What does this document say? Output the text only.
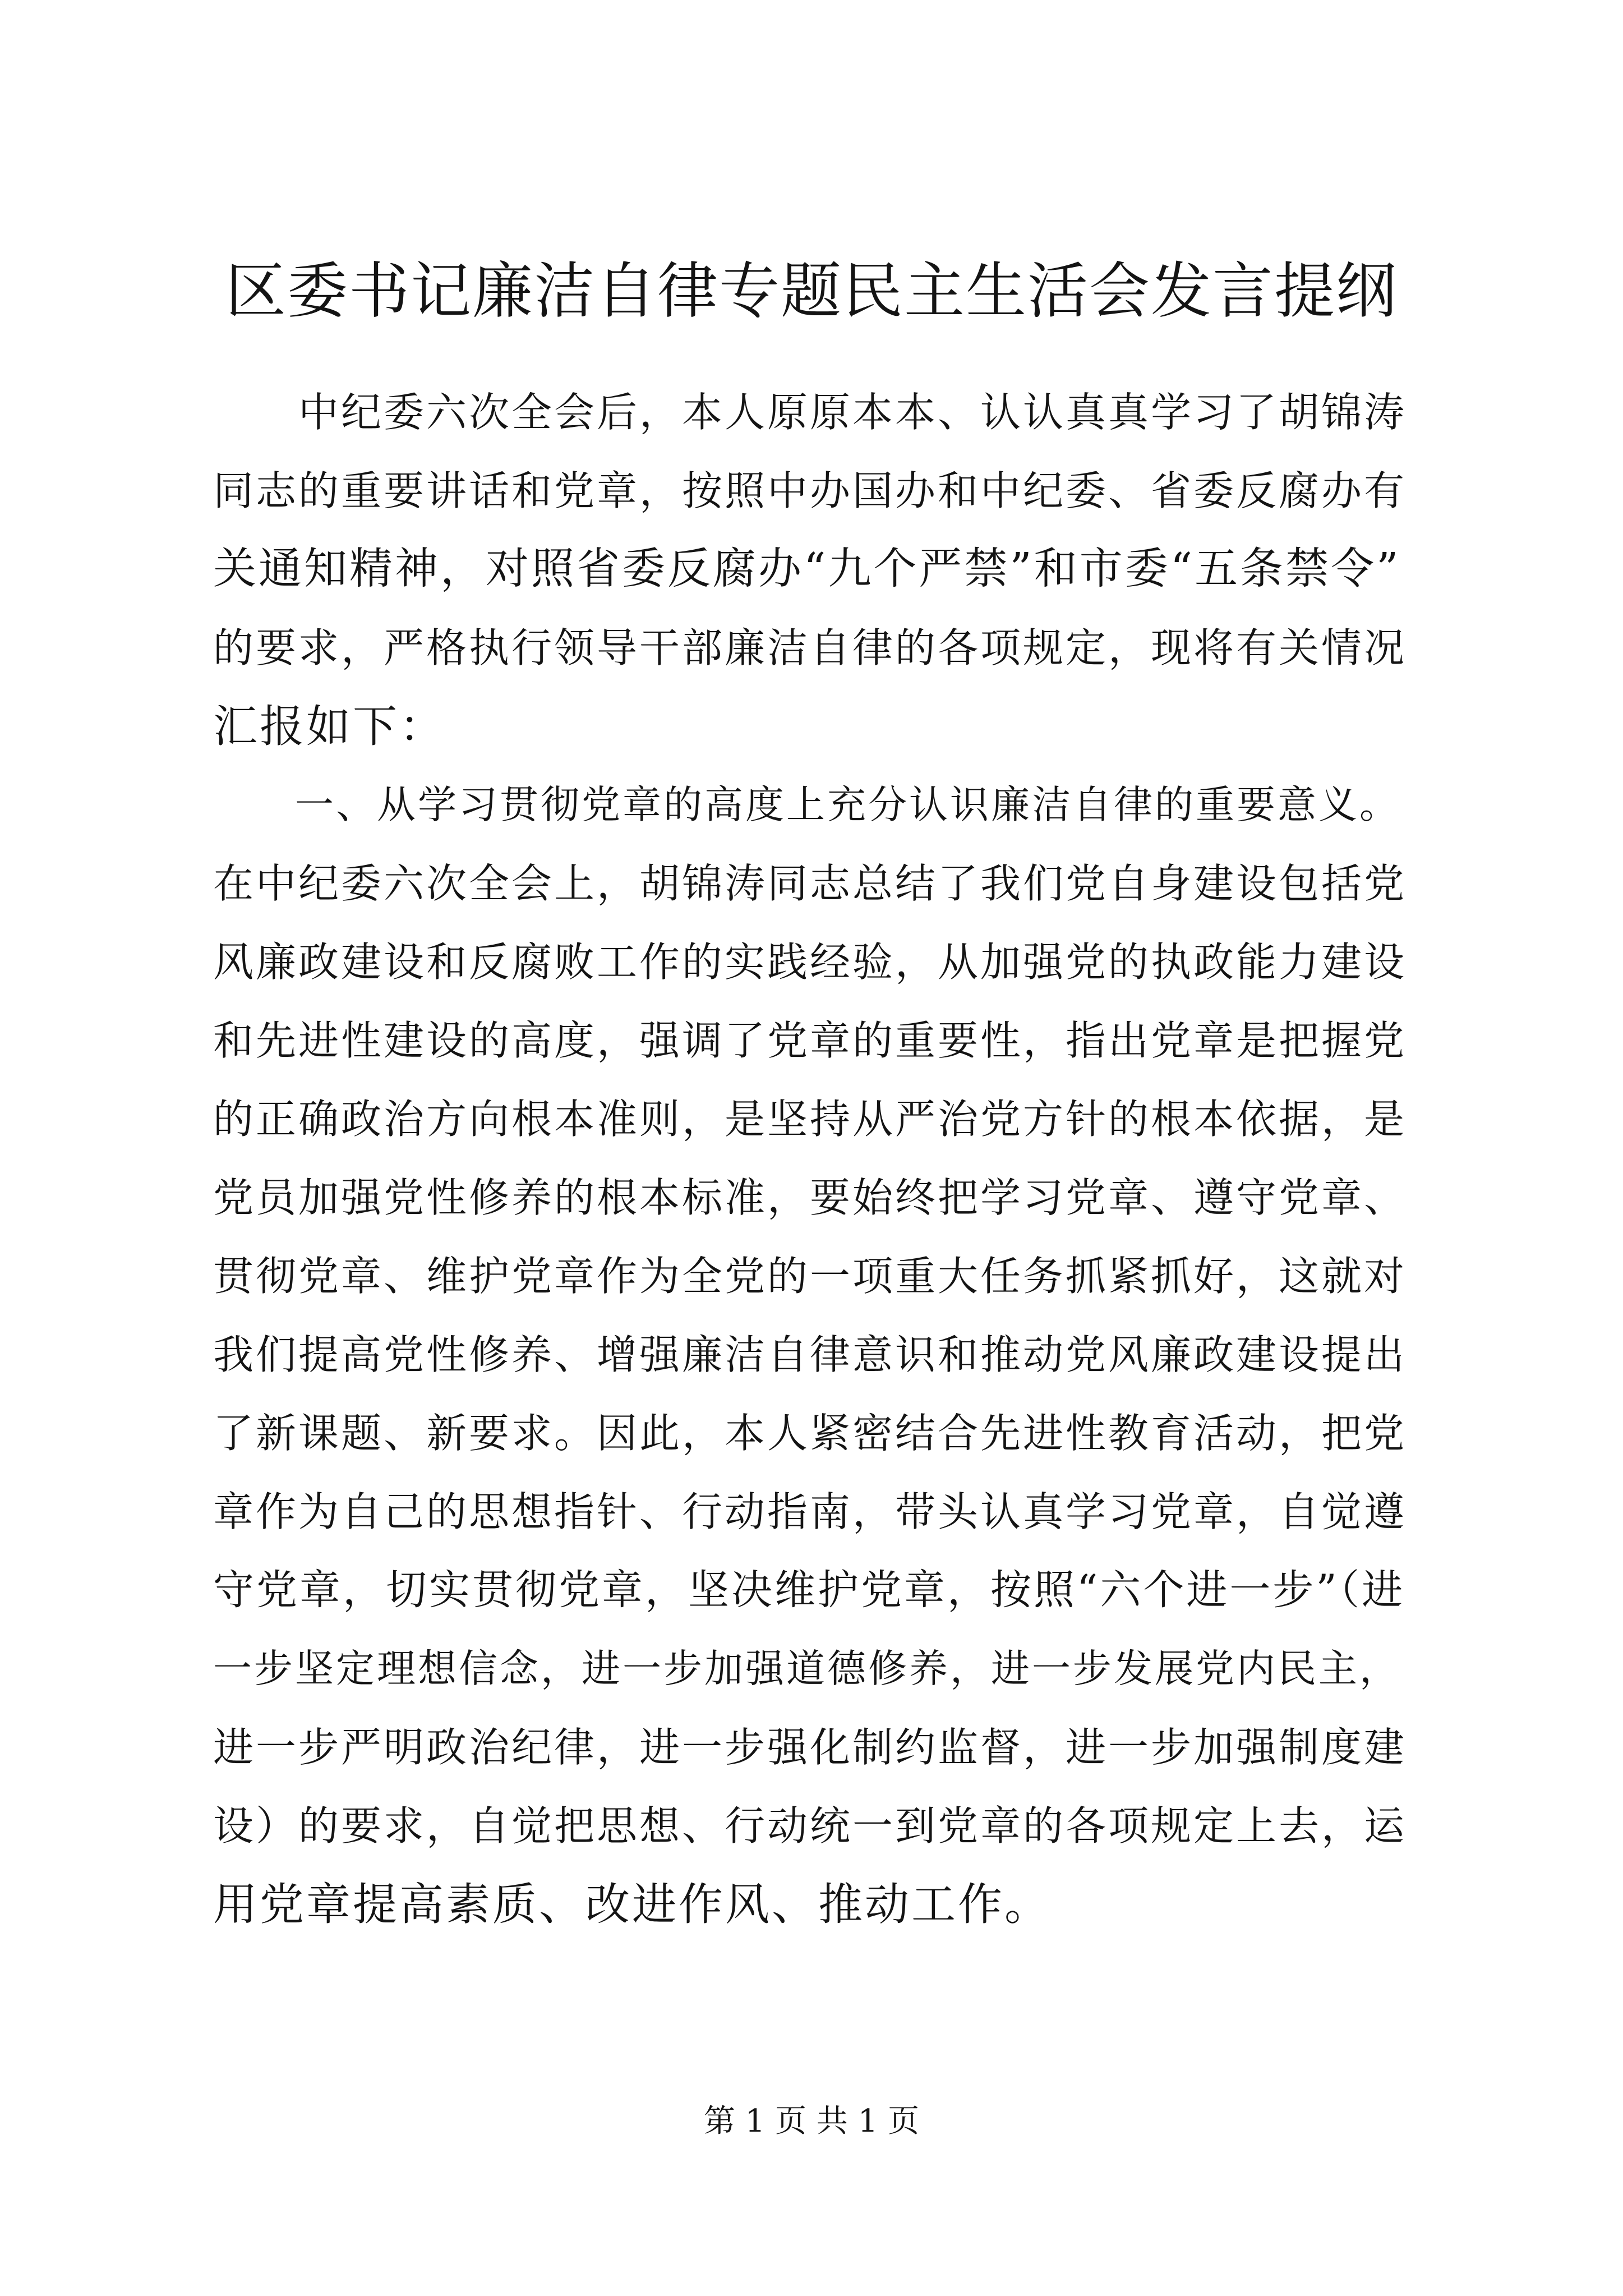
区委书记廉洁自律专题民主生活会发言提纲
　　中纪委六次全会后，本人原原本本、认认真真学习了胡锦涛
同志的重要讲话和党章，按照中办国办和中纪委、省委反腐办有
关通知精神，对照省委反腐办“九个严禁”和市委“五条禁令”
的要求，严格执行领导干部廉洁自律的各项规定，现将有关情况
汇报如下：
　　一、从学习贯彻党章的高度上充分认识廉洁自律的重要意义。
在中纪委六次全会上，胡锦涛同志总结了我们党自身建设包括党
风廉政建设和反腐败工作的实践经验，从加强党的执政能力建设
和先进性建设的高度，强调了党章的重要性，指出党章是把握党
的正确政治方向根本准则，是坚持从严治党方针的根本依据，是
党员加强党性修养的根本标准，要始终把学习党章、遵守党章、
贯彻党章、维护党章作为全党的一项重大任务抓紧抓好，这就对
我们提高党性修养、增强廉洁自律意识和推动党风廉政建设提出
了新课题、新要求。因此，本人紧密结合先进性教育活动，把党
章作为自己的思想指针、行动指南，带头认真学习党章，自觉遵
守党章，切实贯彻党章，坚决维护党章，按照“六个进一步”（进
一步坚定理想信念，进一步加强道德修养，进一步发展党内民主，
进一步严明政治纪律，进一步强化制约监督，进一步加强制度建
设）的要求，自觉把思想、行动统一到党章的各项规定上去，运
用党章提高素质、改进作风、推动工作。
第 1 页 共 1 页
